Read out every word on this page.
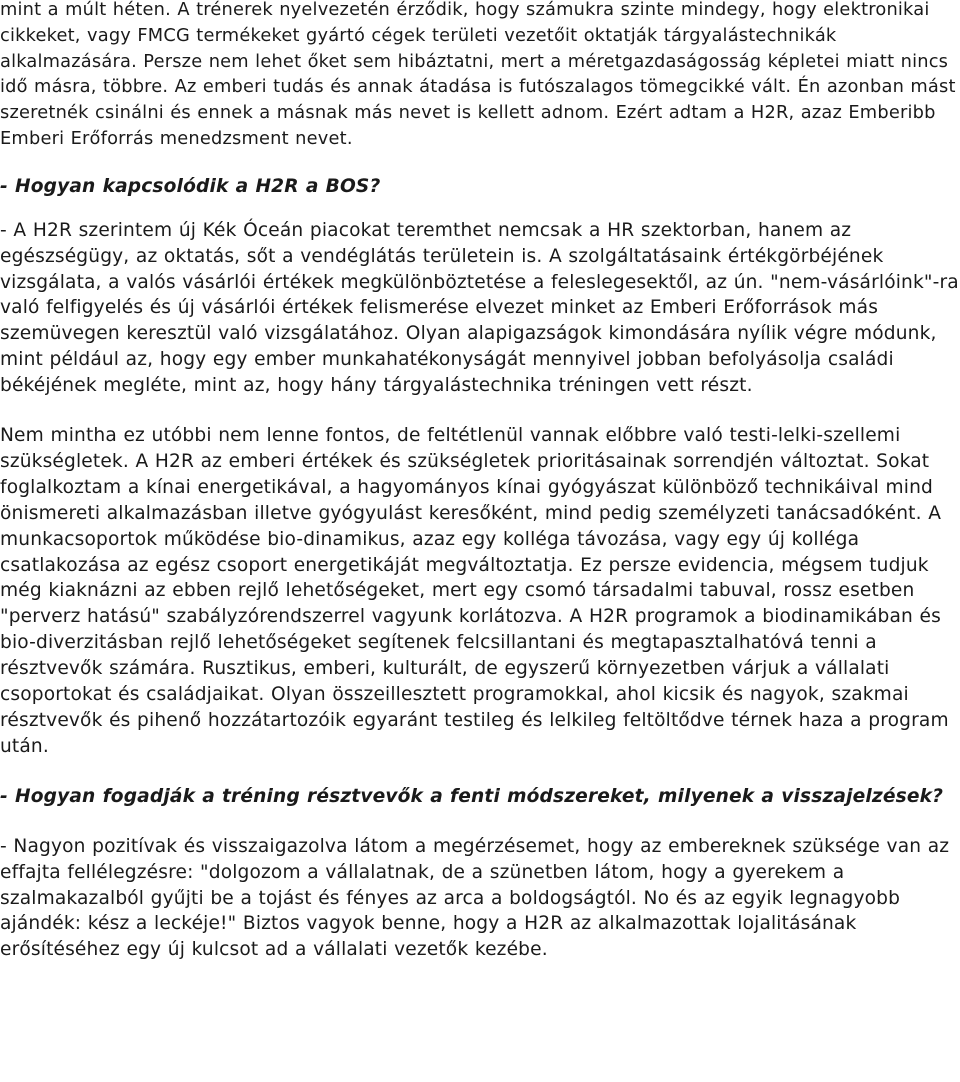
mint a múlt héten. A trénerek nyelvezetén érződik, hogy számukra szinte mindegy, hogy elektronikai cikkeket, vagy FMCG termékeket gyártó cégek területi vezetőit oktatják tárgyalástechnikák alkalmazására. Persze nem lehet őket sem hibáztatni, mert a méretgazdaságosság képletei miatt nincs idő másra, többre. Az emberi tudás és annak átadása is futószalagos tömegcikké vált. Én azonban mást szeretnék csinálni és ennek a másnak más nevet is kellett adnom. Ezért adtam a H2R, azaz Emberibb Emberi Erőforrás menedzsment nevet.

- Hogyan kapcsolódik a H2R a BOS?

- A H2R szerintem új Kék Óceán piacokat teremthet nemcsak a HR szektorban, hanem az egészségügy, az oktatás, sőt a vendéglátás területein is. A szolgáltatásaink értékgörbéjének vizsgálata, a valós vásárlói értékek megkülönböztetése a feleslegesektől, az ún. "nem-vásárlóink"-ra való felfigyelés és új vásárlói értékek felismerése elvezet minket az Emberi Erőforrások más szemüvegen keresztül való vizsgálatához. Olyan alapigazságok kimondására nyílik végre módunk, mint például az, hogy egy ember munkahatékonyságát mennyivel jobban befolyásolja családi békéjének megléte, mint az, hogy hány tárgyalástechnika tréningen vett részt.

Nem mintha ez utóbbi nem lenne fontos, de feltétlenül vannak előbbre való testi-lelki-szellemi szükségletek. A H2R az emberi értékek és szükségletek prioritásainak sorrendjén változtat. Sokat foglalkoztam a kínai energetikával, a hagyományos kínai gyógyászat különböző technikáival mind önismereti alkalmazásban illetve gyógyulást keresőként, mind pedig személyzeti tanácsadóként. A munkacsoportok működése bio-dinamikus, azaz egy kolléga távozása, vagy egy új kolléga csatlakozása az egész csoport energetikáját megváltoztatja. Ez persze evidencia, mégsem tudjuk még kiaknázni az ebben rejlő lehetőségeket, mert egy csomó társadalmi tabuval, rossz esetben "perverz hatású" szabályzórendszerrel vagyunk korlátozva. A H2R programok a biodinamikában és bio-diverzitásban rejlő lehetőségeket segítenek felcsillantani és megtapasztalhatóvá tenni a résztvevők számára. Rusztikus, emberi, kulturált, de egyszerű környezetben várjuk a vállalati csoportokat és családjaikat. Olyan összeillesztett programokkal, ahol kicsik és nagyok, szakmai résztvevők és pihenő hozzátartozóik egyaránt testileg és lelkileg feltöltődve térnek haza a program után.

- Hogyan fogadják a tréning résztvevők a fenti módszereket, milyenek a visszajelzések?

- Nagyon pozitívak és visszaigazolva látom a megérzésemet, hogy az embereknek szüksége van az effajta fellélegzésre: "dolgozom a vállalatnak, de a szünetben látom, hogy a gyerekem a szalmakazalból gyűjti be a tojást és fényes az arca a boldogságtól. No és az egyik legnagyobb ajándék: kész a leckéje!" Biztos vagyok benne, hogy a H2R az alkalmazottak lojalitásának erősítéséhez egy új kulcsot ad a vállalati vezetők kezébe.
